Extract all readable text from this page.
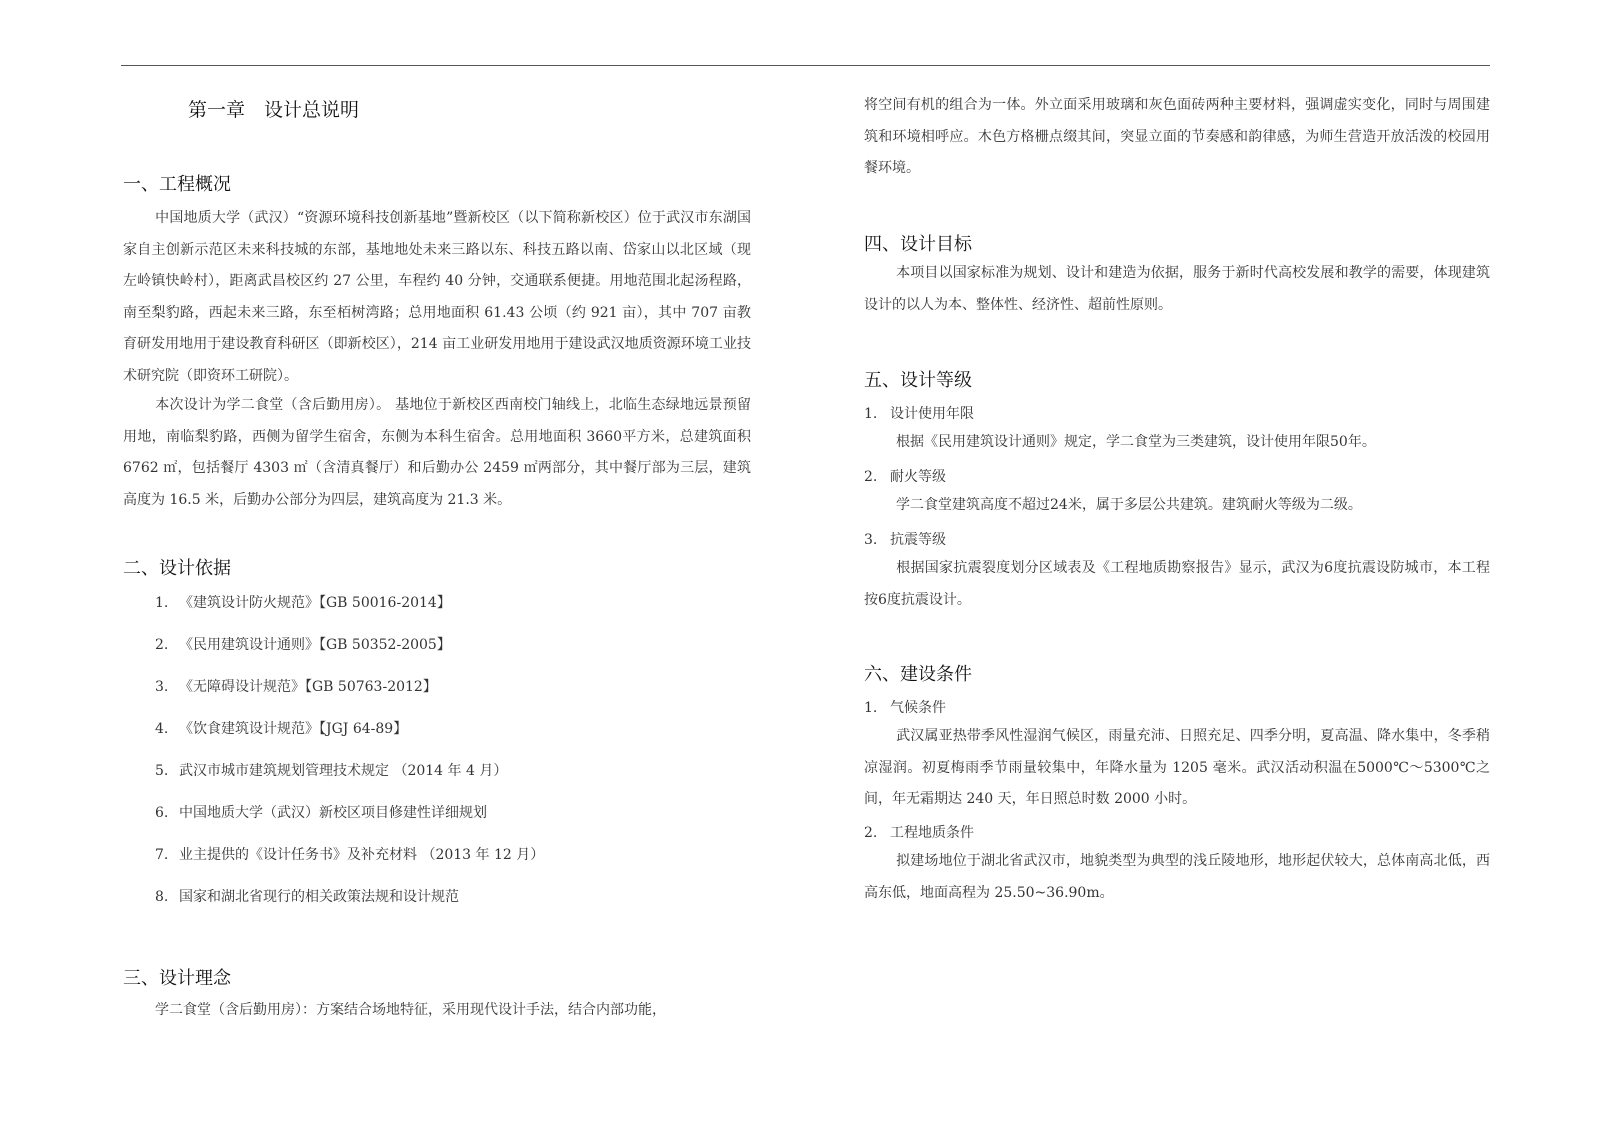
第一章　设计总说明
一、工程概况

中国地质大学（武汉）“资源环境科技创新基地”暨新校区（以下简称新校区）位于武汉市东湖国家自主创新示范区未来科技城的东部，基地地处未来三路以东、科技五路以南、岱家山以北区域（现左岭镇快岭村），距离武昌校区约 27 公里，车程约 40 分钟，交通联系便捷。用地范围北起汤程路，南至梨豹路，西起未来三路，东至栢树湾路；总用地面积 61.43 公顷（约 921 亩），其中 707 亩教育研发用地用于建设教育科研区（即新校区），214 亩工业研发用地用于建设武汉地质资源环境工业技术研究院（即资环工研院）。

本次设计为学二食堂（含后勤用房）。 基地位于新校区西南校门轴线上，北临生态绿地远景预留用地，南临梨豹路，西侧为留学生宿舍，东侧为本科生宿舍。总用地面积 3660平方米，总建筑面积 6762 ㎡，包括餐厅 4303 ㎡（含清真餐厅）和后勤办公 2459 ㎡两部分，其中餐厅部为三层，建筑高度为 16.5 米，后勤办公部分为四层，建筑高度为 21.3 米。

二、设计依据
1. 《建筑设计防火规范》【GB 50016-2014】
2. 《民用建筑设计通则》【GB 50352-2005】
3. 《无障碍设计规范》【GB 50763-2012】
4. 《饮食建筑设计规范》【JGJ 64-89】
5. 武汉市城市建筑规划管理技术规定 （2014 年 4 月）
6. 中国地质大学（武汉）新校区项目修建性详细规划
7. 业主提供的《设计任务书》及补充材料 （2013 年 12 月）
8. 国家和湖北省现行的相关政策法规和设计规范
三、设计理念

学二食堂（含后勤用房）：方案结合场地特征，采用现代设计手法，结合内部功能，

将空间有机的组合为一体。外立面采用玻璃和灰色面砖两种主要材料，强调虚实变化，同时与周围建筑和环境相呼应。木色方格栅点缀其间，突显立面的节奏感和韵律感，为师生营造开放活泼的校园用餐环境。

四、设计目标

本项目以国家标准为规划、设计和建造为依据，服务于新时代高校发展和教学的需要，体现建筑设计的以人为本、整体性、经济性、超前性原则。

五、设计等级
1. 设计使用年限

根据《民用建筑设计通则》规定，学二食堂为三类建筑，设计使用年限50年。

2. 耐火等级

学二食堂建筑高度不超过24米，属于多层公共建筑。建筑耐火等级为二级。

3. 抗震等级

根据国家抗震裂度划分区域表及《工程地质勘察报告》显示，武汉为6度抗震设防城市，本工程按6度抗震设计。

六、建设条件
1. 气候条件

武汉属亚热带季风性湿润气候区，雨量充沛、日照充足、四季分明，夏高温、降水集中，冬季稍凉湿润。初夏梅雨季节雨量较集中，年降水量为 1205 毫米。武汉活动积温在5000℃～5300℃之间，年无霜期达 240 天，年日照总时数 2000 小时。

2. 工程地质条件

拟建场地位于湖北省武汉市，地貌类型为典型的浅丘陵地形，地形起伏较大，总体南高北低，西高东低，地面高程为 25.50~36.90m。
